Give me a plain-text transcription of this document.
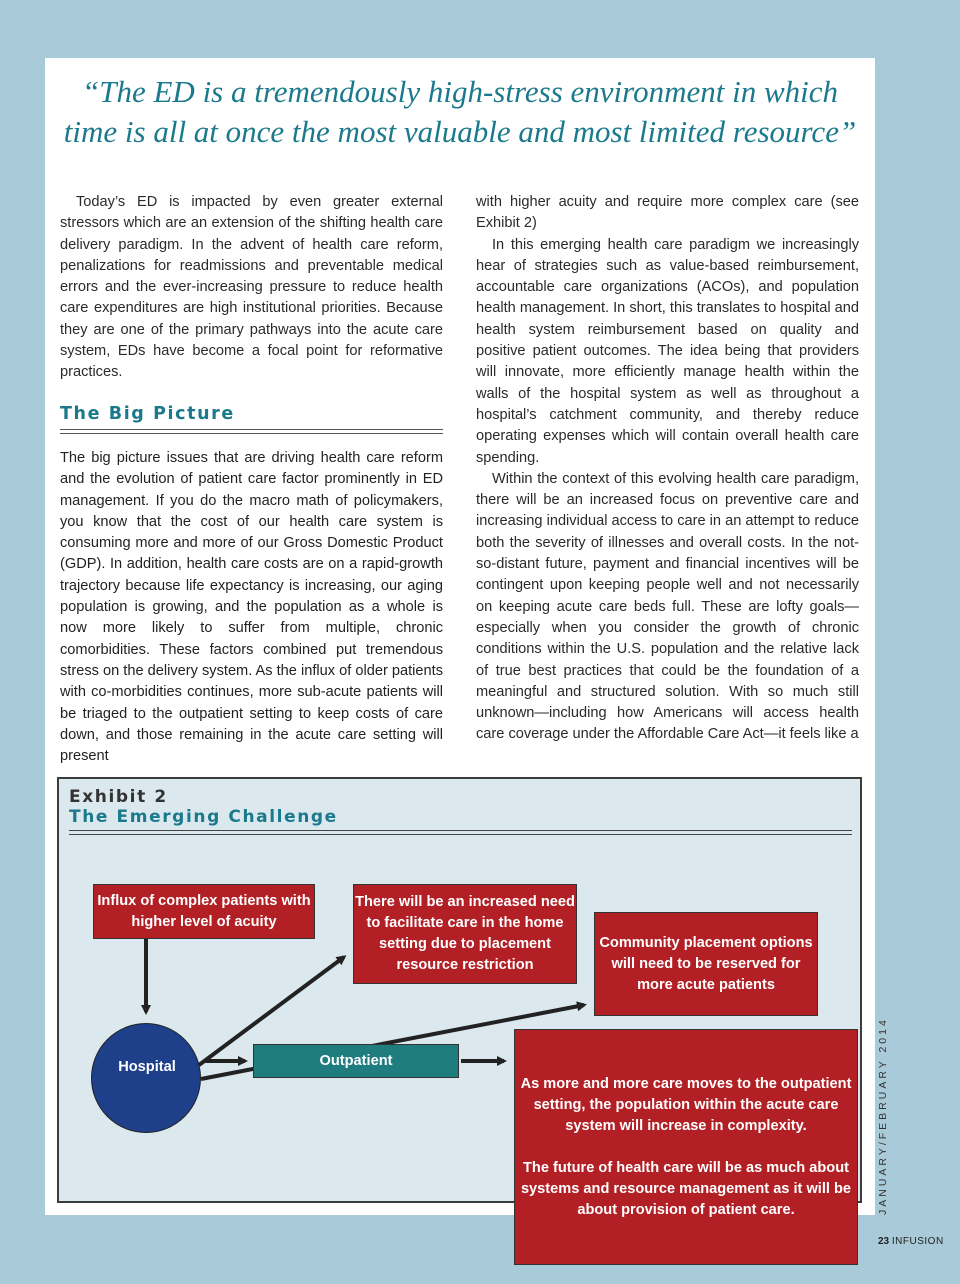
“The ED is a tremendously high-stress environment in which
time is all at once the most valuable and most limited resource”

Today’s ED is impacted by even greater external stressors which are an extension of the shifting health care delivery paradigm. In the advent of health care reform, penalizations for readmissions and preventable medical errors and the ever-increasing pressure to reduce health care expenditures are high institutional priorities. Because they are one of the primary pathways into the acute care system, EDs have become a focal point for reformative practices.

The Big Picture

The big picture issues that are driving health care reform and the evolution of patient care factor prominently in ED management. If you do the macro math of policymakers, you know that the cost of our health care system is consuming more and more of our Gross Domestic Product (GDP). In addition, health care costs are on a rapid-growth trajectory because life expectancy is increasing, our aging population is growing, and the population as a whole is now more likely to suffer from multiple, chronic comorbidities. These factors combined put tremendous stress on the delivery system. As the influx of older patients with co-morbidities continues, more sub-acute patients will be triaged to the outpatient setting to keep costs of care down, and those remaining in the acute care setting will present

with higher acuity and require more complex care (see Exhibit 2)

In this emerging health care paradigm we increasingly hear of strategies such as value-based reimbursement, accountable care organizations (ACOs), and population health management. In short, this translates to hospital and health system reimbursement based on quality and positive patient outcomes. The idea being that providers will innovate, more efficiently manage health within the walls of the hospital system as well as throughout a hospital’s catchment community, and thereby reduce operating expenses which will contain overall health care spending.

Within the context of this evolving health care paradigm, there will be an increased focus on preventive care and increasing individual access to care in an attempt to reduce both the severity of illnesses and overall costs. In the not-so-distant future, payment and financial incentives will be contingent upon keeping people well and not necessarily on keeping acute care beds full. These are lofty goals—especially when you consider the growth of chronic conditions within the U.S. population and the relative lack of true best practices that could be the foundation of a meaningful and structured solution. With so much still unknown—including how Americans will access health care coverage under the Affordable Care Act—it feels like a

Exhibit 2
The Emerging Challenge
Influx of complex patients with higher level of acuity
There will be an increased need to facilitate care in the home setting due to placement resource restriction
Community placement options will need to be reserved for more acute patients
Hospital	Outpatient
As more and more care moves to the outpatient setting, the population within the acute care system will increase in complexity.
The future of health care will be as much about systems and resource management as it will be about provision of patient care.	JANUARY/FEBRUARY 2014
23 INFUSION
